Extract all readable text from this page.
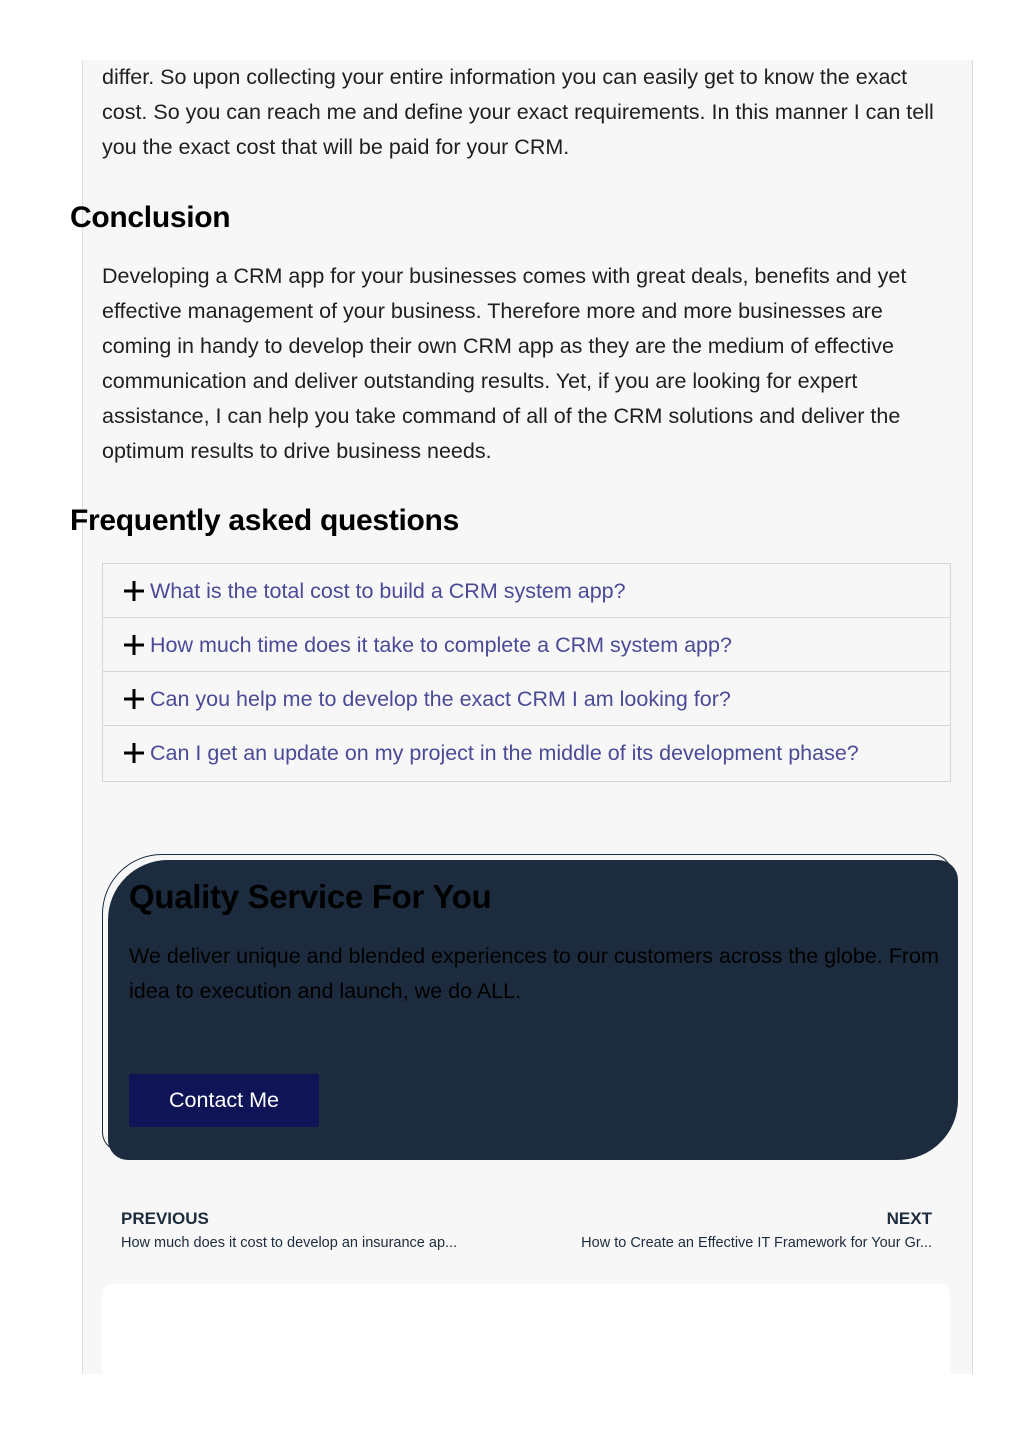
differ. So upon collecting your entire information you can easily get to know the exact cost. So you can reach me and define your exact requirements. In this manner I can tell you the exact cost that will be paid for your CRM.

Conclusion

Developing a CRM app for your businesses comes with great deals, benefits and yet effective management of your business. Therefore more and more businesses are coming in handy to develop their own CRM app as they are the medium of effective communication and deliver outstanding results. Yet, if you are looking for expert assistance, I can help you take command of all of the CRM solutions and deliver the optimum results to drive business needs.

Frequently asked questions
What is the total cost to build a CRM system app?
How much time does it take to complete a CRM system app?
Can you help me to develop the exact CRM I am looking for?
Can I get an update on my project in the middle of its development phase?
Quality Service For You

We deliver unique and blended experiences to our customers across the globe. From idea to execution and launch, we do ALL.

Contact Me
PREVIOUS
How much does it cost to develop an insurance ap...
NEXT
How to Create an Effective IT Framework for Your Gr...
